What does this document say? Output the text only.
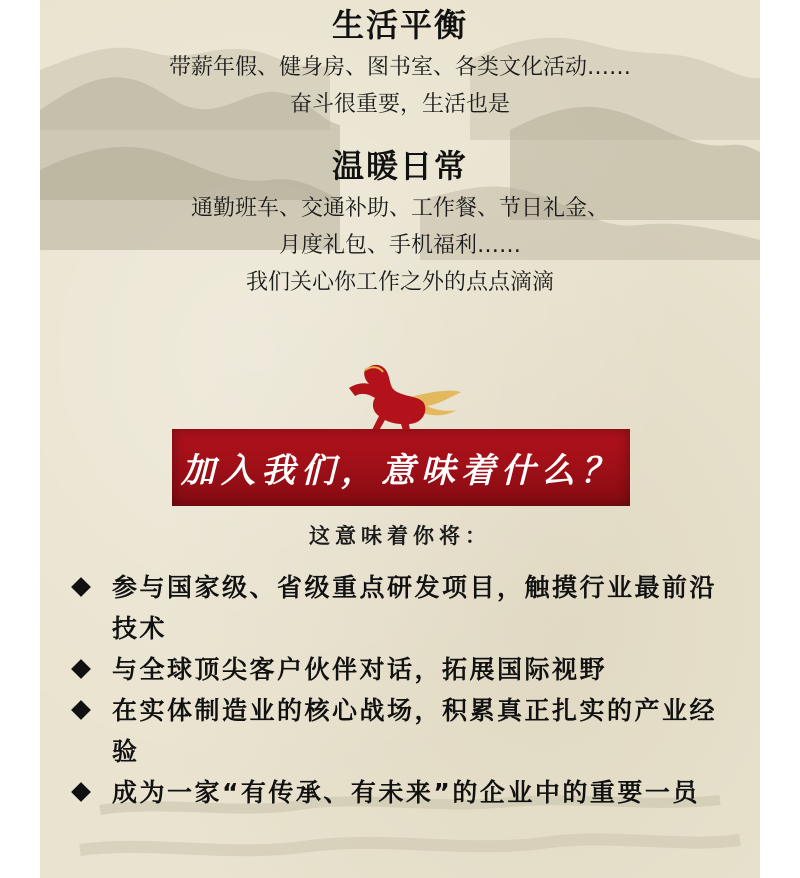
生活平衡
带薪年假、健身房、图书室、各类文化活动……
奋斗很重要，生活也是
温暖日常
通勤班车、交通补助、工作餐、节日礼金、
月度礼包、手机福利……
我们关心你工作之外的点点滴滴
加入我们，意味着什么？
这意味着你将：
参与国家级、省级重点研发项目，触摸行业最前沿技术
与全球顶尖客户伙伴对话，拓展国际视野
在实体制造业的核心战场，积累真正扎实的产业经验
成为一家“有传承、有未来”的企业中的重要一员
